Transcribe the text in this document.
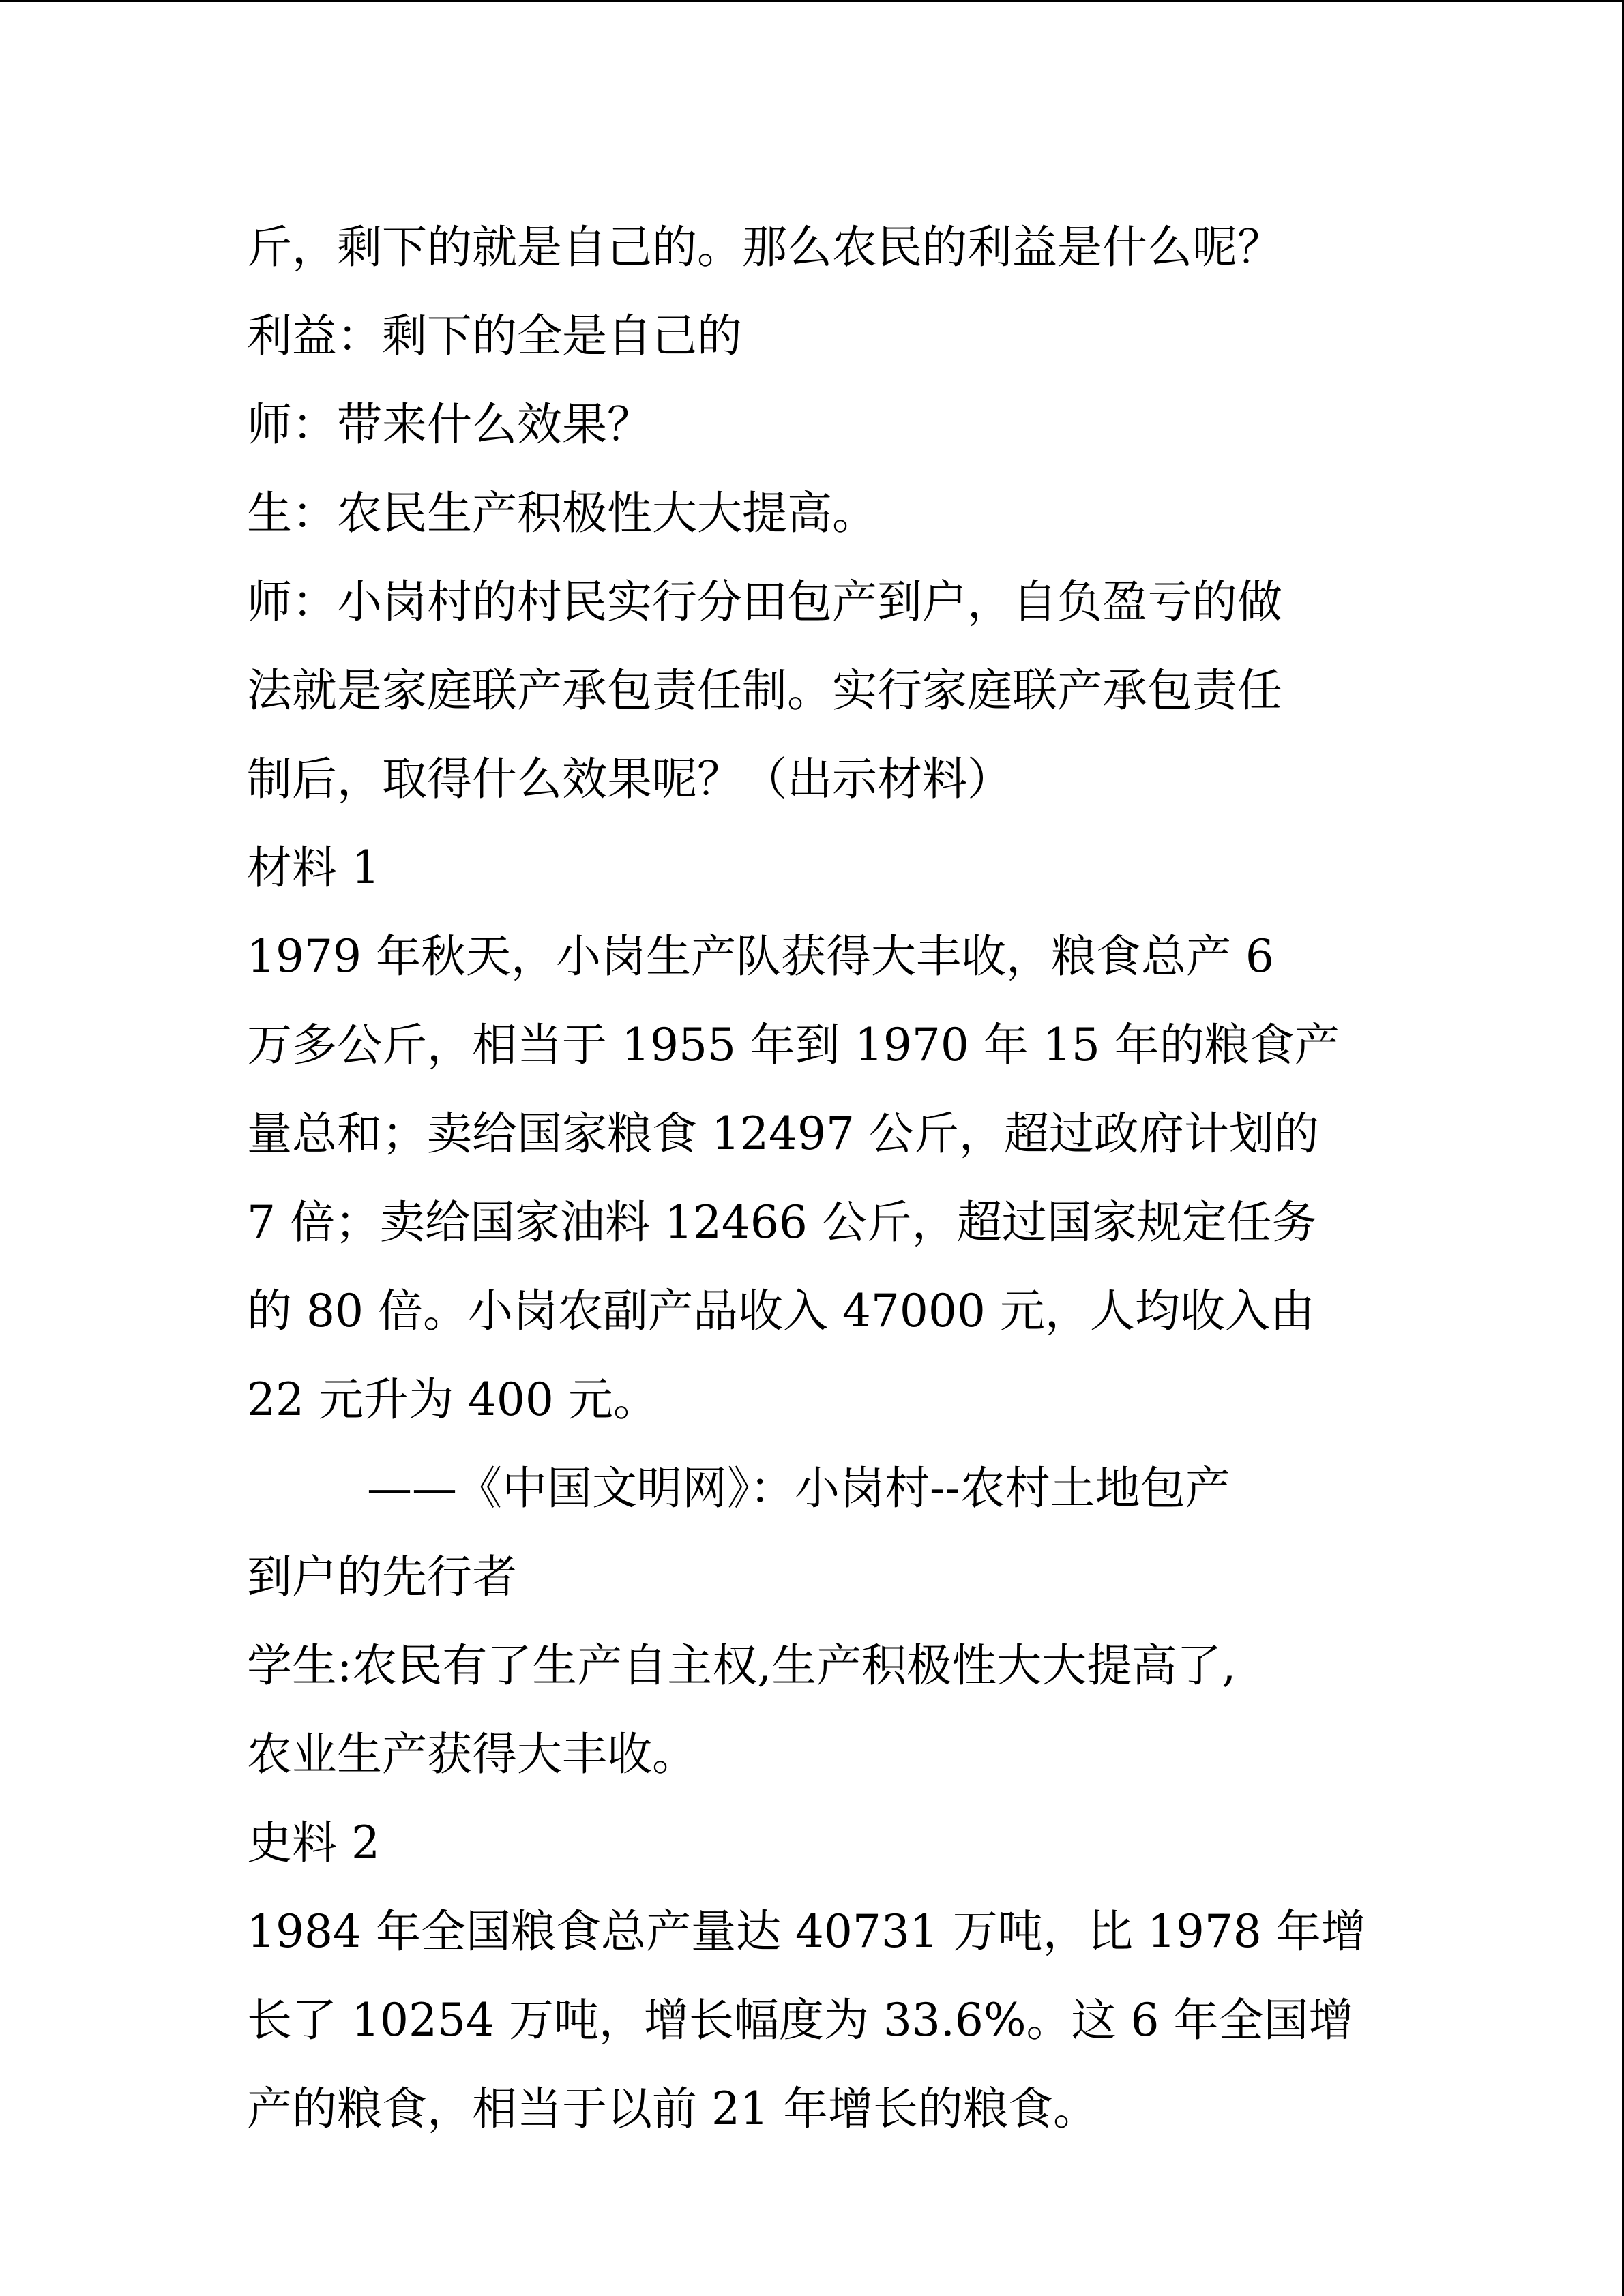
斤，剩下的就是自己的。那么农民的利益是什么呢？
利益：剩下的全是自己的
师：带来什么效果？
生：农民生产积极性大大提高。
师：小岗村的村民实行分田包产到户，自负盈亏的做
法就是家庭联产承包责任制。实行家庭联产承包责任
制后，取得什么效果呢？（出示材料）
材料 1
1979 年秋天，小岗生产队获得大丰收，粮食总产 6
万多公斤，相当于 1955 年到 1970 年 15 年的粮食产
量总和；卖给国家粮食 12497 公斤，超过政府计划的
7 倍；卖给国家油料 12466 公斤，超过国家规定任务
的 80 倍。小岗农副产品收入 47000 元，人均收入由
22 元升为 400 元。
——《中国文明网》：小岗村--农村土地包产
到户的先行者
学生:农民有了生产自主权,生产积极性大大提高了,
农业生产获得大丰收。
史料 2
1984 年全国粮食总产量达 40731 万吨，比 1978 年增
长了 10254 万吨，增长幅度为 33.6%。这 6 年全国增
产的粮食，相当于以前 21 年增长的粮食。
